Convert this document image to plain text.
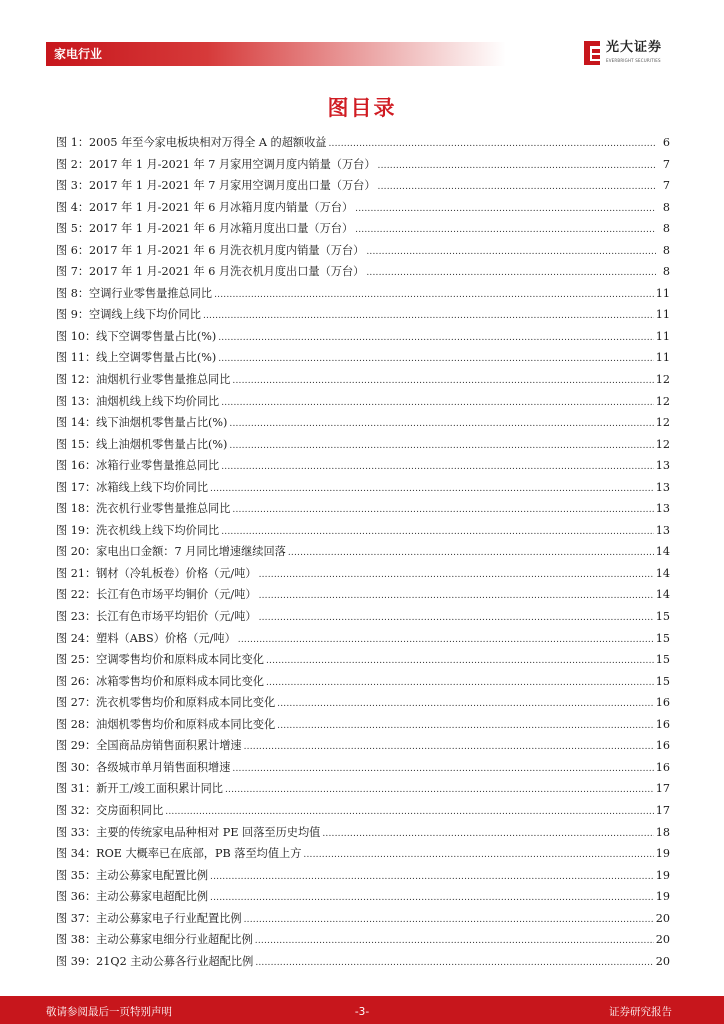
家电行业	光大证券
EVERBRIGHT SECURITIES
图目录
图 1：2005 年至今家电板块相对万得全 A 的超额收益 .....	6
图 2：2017 年 1 月-2021 年 7 月家用空调月度内销量（万台） .....	7
图 3：2017 年 1 月-2021 年 7 月家用空调月度出口量（万台） .....	7
图 4：2017 年 1 月-2021 年 6 月冰箱月度内销量（万台） .....	8
图 5：2017 年 1 月-2021 年 6 月冰箱月度出口量（万台） .....	8
图 6：2017 年 1 月-2021 年 6 月洗衣机月度内销量（万台） .....	8
图 7：2017 年 1 月-2021 年 6 月洗衣机月度出口量（万台） .....	8
图 8：空调行业零售量推总同比 .....	11
图 9：空调线上线下均价同比 .....	11
图 10：线下空调零售量占比(%) .....	11
图 11：线上空调零售量占比(%) .....	11
图 12：油烟机行业零售量推总同比 .....	12
图 13：油烟机线上线下均价同比 .....	12
图 14：线下油烟机零售量占比(%) .....	12
图 15：线上油烟机零售量占比(%) .....	12
图 16：冰箱行业零售量推总同比 .....	13
图 17：冰箱线上线下均价同比 .....	13
图 18：洗衣机行业零售量推总同比 .....	13
图 19：洗衣机线上线下均价同比 .....	13
图 20：家电出口金额：7 月同比增速继续回落 .....	14
图 21：钢材（冷轧板卷）价格（元/吨） .....	14
图 22：长江有色市场平均铜价（元/吨） .....	14
图 23：长江有色市场平均铝价（元/吨） .....	15
图 24：塑料（ABS）价格（元/吨） .....	15
图 25：空调零售均价和原料成本同比变化 .....	15
图 26：冰箱零售均价和原料成本同比变化 .....	15
图 27：洗衣机零售均价和原料成本同比变化 .....	16
图 28：油烟机零售均价和原料成本同比变化 .....	16
图 29：全国商品房销售面积累计增速 .....	16
图 30：各级城市单月销售面积增速 .....	16
图 31：新开工/竣工面积累计同比 .....	17
图 32：交房面积同比 .....	17
图 33：主要的传统家电品种相对 PE 回落至历史均值 .....	18
图 34：ROE 大概率已在底部，PB 落至均值上方 .....	19
图 35：主动公募家电配置比例 .....	19
图 36：主动公募家电超配比例 .....	19
图 37：主动公募家电子行业配置比例 .....	20
图 38：主动公募家电细分行业超配比例 .....	20
图 39：21Q2 主动公募各行业超配比例 .....	20
敬请参阅最后一页特别声明	-3-	证券研究报告
